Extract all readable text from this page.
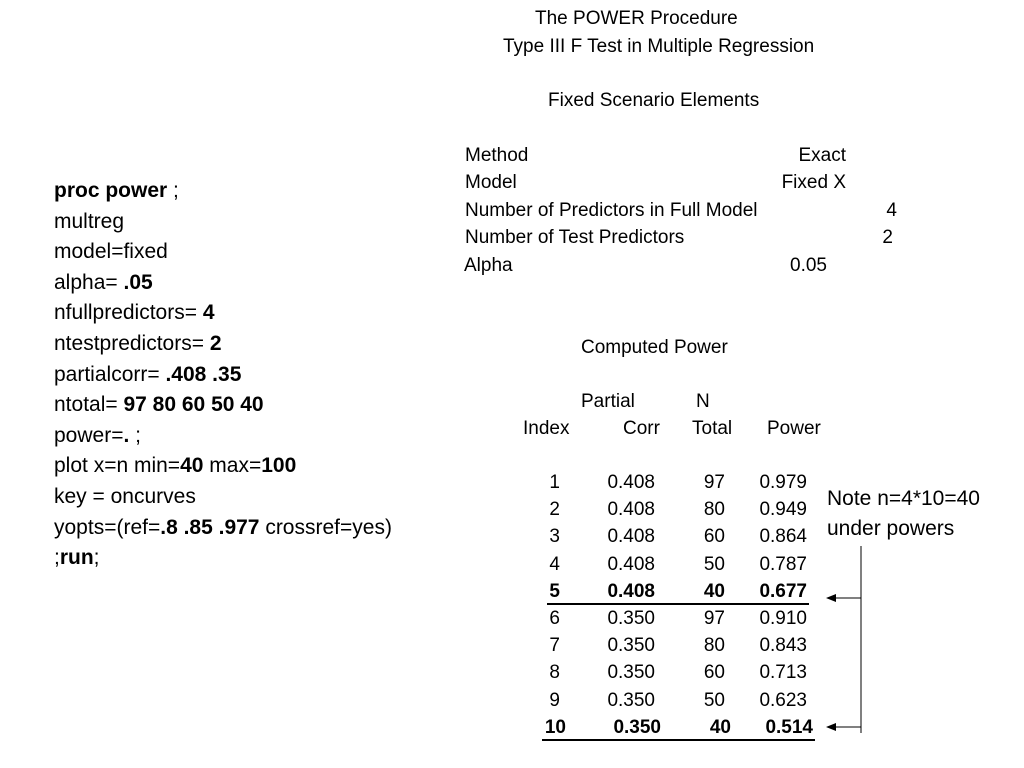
proc power ;
multreg
model=fixed
alpha= .05
nfullpredictors= 4
ntestpredictors= 2
partialcorr= .408 .35
ntotal= 97 80 60 50 40
power=. ;
plot x=n min=40 max=100
key = oncurves
yopts=(ref=.8 .85 .977 crossref=yes)
;run;
The POWER Procedure
Type III F Test in Multiple Regression
Fixed Scenario Elements
Method	Exact
Model	Fixed X
Number of Predictors in Full Model	4
Number of Test Predictors	2
Alpha	0.05
Computed Power
Partial	N
Index	Corr Total Power
1 0.408	97 0.979
2 0.408	80 0.949
3 0.408	60 0.864
4 0.408	50 0.787
5 0.408	40 0.677
6 0.350	97 0.910
7 0.350	80 0.843
8 0.350	60 0.713
9 0.350	50 0.623
10 0.350	40 0.514
Note n=4*10=40
under powers
